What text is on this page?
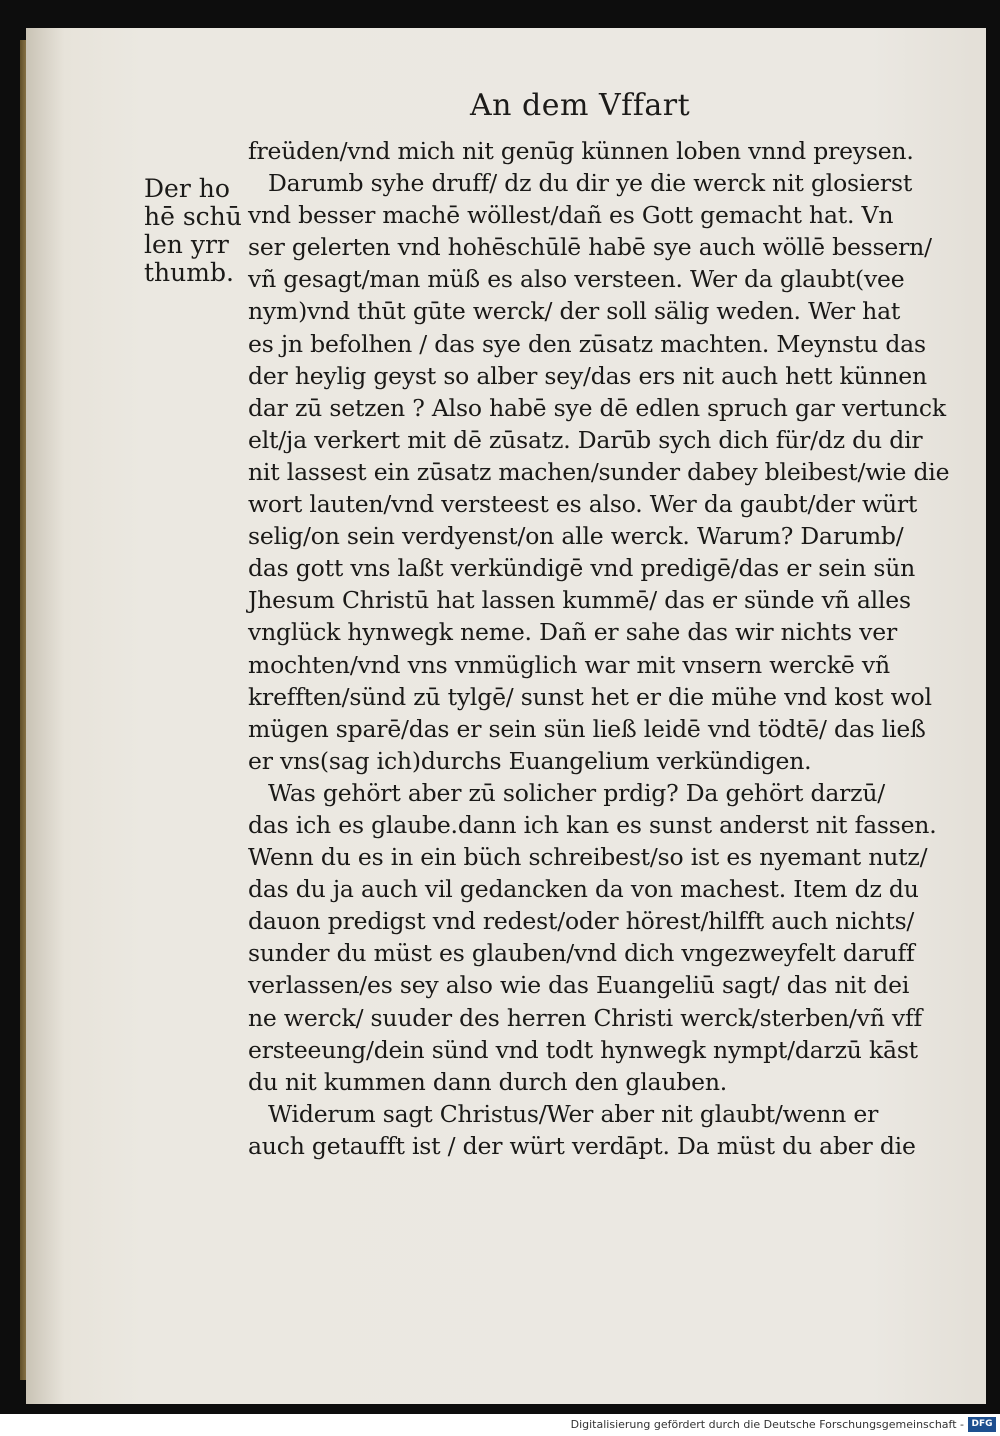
An dem Vffart
Der ho
hē schū
len yrr
thumb.
freüden/vnd mich nit genūg künnen loben vnnd preysen.
Darumb syhe druff/ dz du dir ye die werck nit glosierst
vnd besser machē wöllest/dañ es Gott gemacht hat. Vn
ser gelerten vnd hohēschūlē habē sye auch wöllē bessern/
vñ gesagt/man müß es also versteen. Wer da glaubt(vee
nym)vnd thūt gūte werck/ der soll sälig weden. Wer hat
es jn befolhen / das sye den zūsatz machten. Meynstu das
der heylig geyst so alber sey/das ers nit auch hett künnen
dar zū setzen ? Also habē sye dē edlen spruch gar vertunck
elt/ja verkert mit dē zūsatz. Darūb sych dich für/dz du dir
nit lassest ein zūsatz machen/sunder dabey bleibest/wie die
wort lauten/vnd versteest es also. Wer da gaubt/der würt
selig/on sein verdyenst/on alle werck. Warum? Darumb/
das gott vns laßt verkündigē vnd predigē/das er sein sün
Jhesum Christū hat lassen kummē/ das er sünde vñ alles
vnglück hynwegk neme. Dañ er sahe das wir nichts ver
mochten/vnd vns vnmüglich war mit vnsern werckē vñ
krefften/sünd zū tylgē/ sunst het er die mühe vnd kost wol
mügen sparē/das er sein sün ließ leidē vnd tödtē/ das ließ
er vns(sag ich)durchs Euangelium verkündigen.
Was gehört aber zū solicher prdig? Da gehört darzū/
das ich es glaube.dann ich kan es sunst anderst nit fassen.
Wenn du es in ein büch schreibest/so ist es nyemant nutz/
das du ja auch vil gedancken da von machest. Item dz du
dauon predigst vnd redest/oder hörest/hilfft auch nichts/
sunder du müst es glauben/vnd dich vngezweyfelt daruff
verlassen/es sey also wie das Euangeliū sagt/ das nit dei
ne werck/ suuder des herren Christi werck/sterben/vñ vff
ersteeung/dein sünd vnd todt hynwegk nympt/darzū kāst
du nit kummen dann durch den glauben.
Widerum sagt Christus/Wer aber nit glaubt/wenn er
auch getaufft ist / der würt verdāpt. Da müst du aber die
Digitalisierung gefördert durch die Deutsche Forschungsgemeinschaft - DFG
